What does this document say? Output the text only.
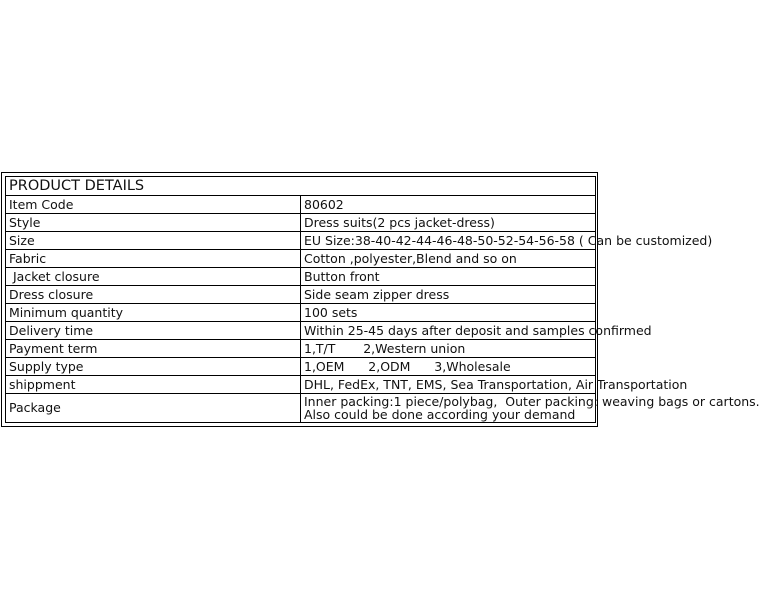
PRODUCT DETAILS	
Item Code	80602
Style	Dress suits(2 pcs jacket-dress)
Size	EU Size:38-40-42-44-46-48-50-52-54-56-58 ( Can be customized)
Fabric	Cotton ,polyester,Blend and so on
Jacket closure	Button front
Dress closure	Side seam zipper dress
Minimum quantity	100 sets
Delivery time	Within 25-45 days after deposit and samples confirmed
Payment term	1,T/T       2,Western union
Supply type	1,OEM      2,ODM      3,Wholesale
shippment	DHL, FedEx, TNT, EMS, Sea Transportation, Air Transportation
Package	Inner packing:1 piece/polybag,  Outer packing: weaving bags or cartons.
Also could be done according your demand
